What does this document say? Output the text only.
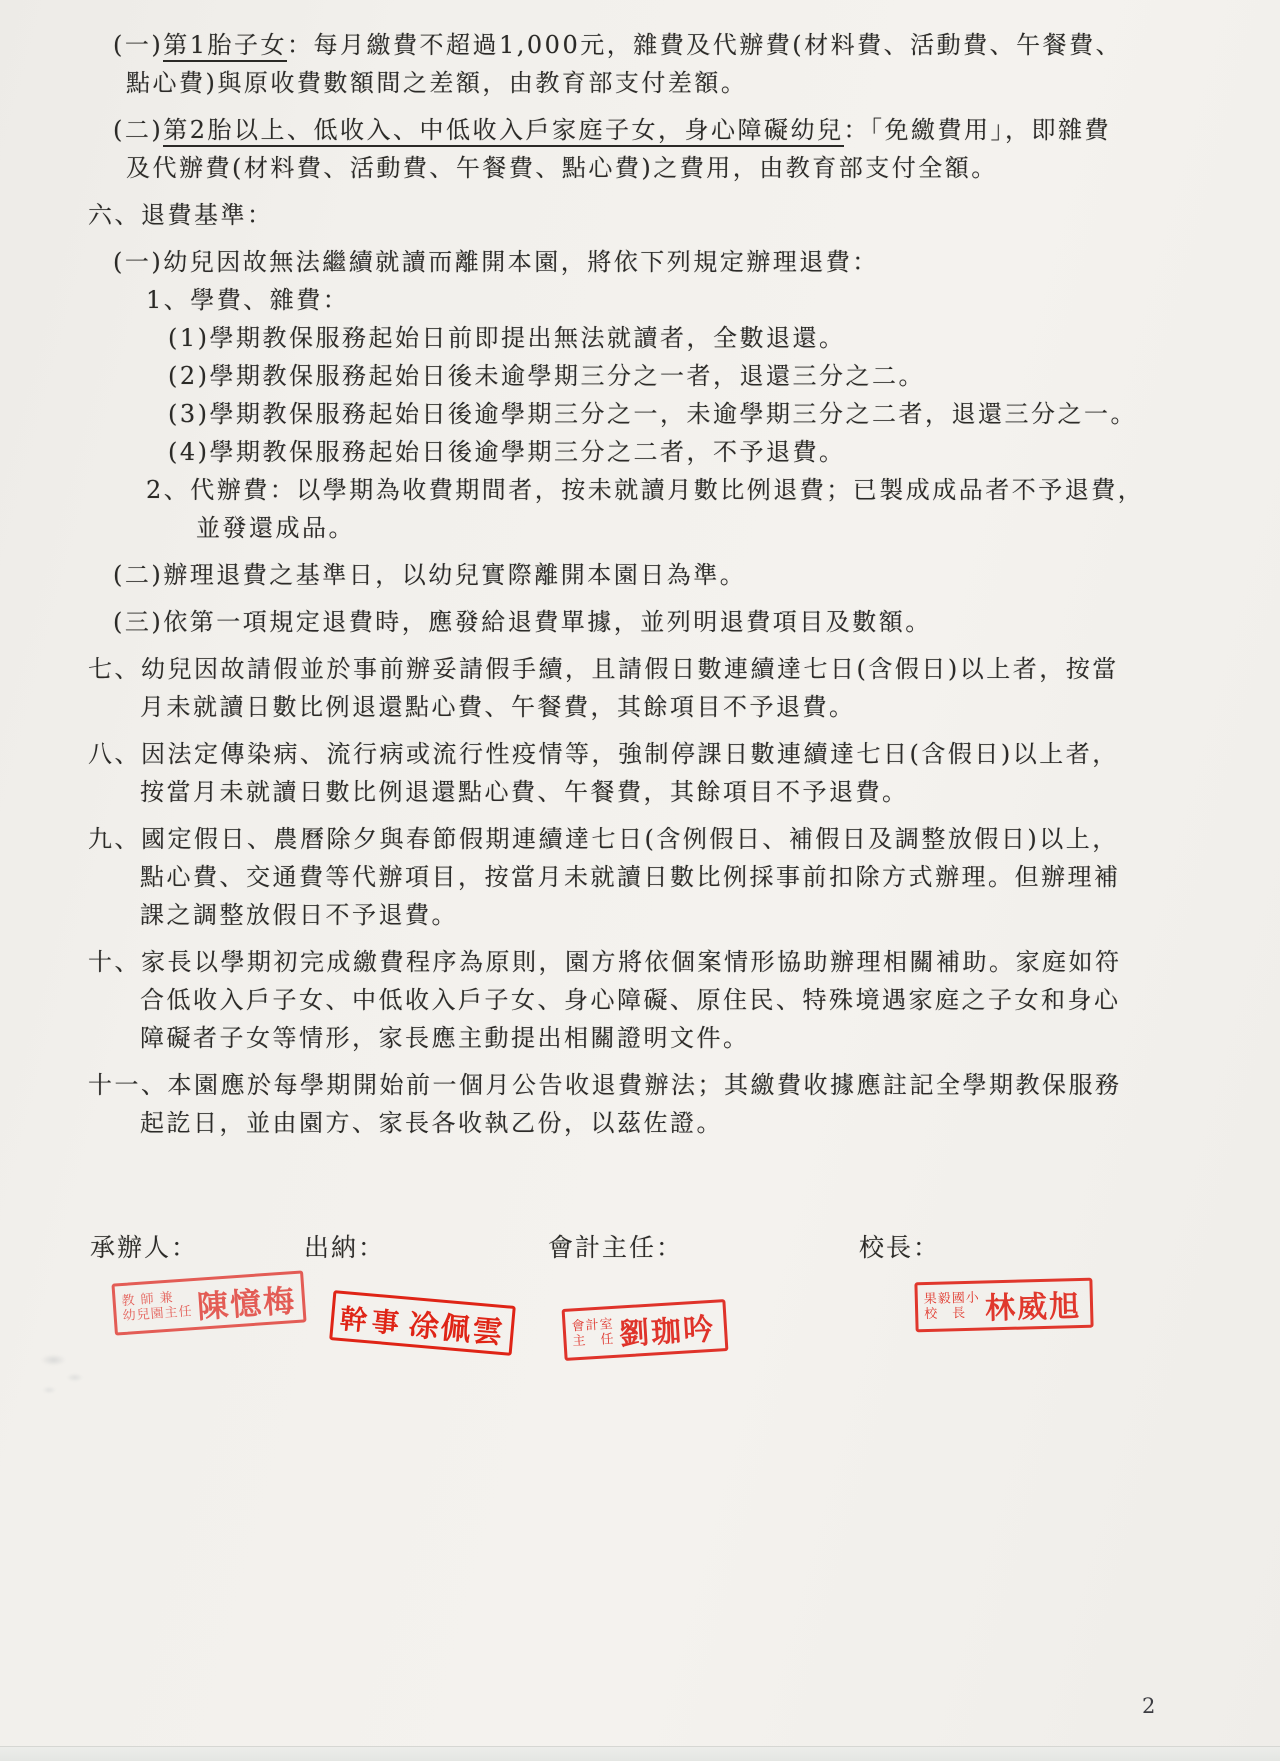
(一)第1胎子女：每月繳費不超過1,000元，雜費及代辦費(材料費、活動費、午餐費、
點心費)與原收費數額間之差額，由教育部支付差額。
(二)第2胎以上、低收入、中低收入戶家庭子女，身心障礙幼兒：「免繳費用」，即雜費
及代辦費(材料費、活動費、午餐費、點心費)之費用，由教育部支付全額。
六、退費基準：
(一)幼兒因故無法繼續就讀而離開本園，將依下列規定辦理退費：
1、學費、雜費：
(1)學期教保服務起始日前即提出無法就讀者，全數退還。
(2)學期教保服務起始日後未逾學期三分之一者，退還三分之二。
(3)學期教保服務起始日後逾學期三分之一，未逾學期三分之二者，退還三分之一。
(4)學期教保服務起始日後逾學期三分之二者，不予退費。
2、代辦費：以學期為收費期間者，按未就讀月數比例退費；已製成成品者不予退費，
並發還成品。
(二)辦理退費之基準日，以幼兒實際離開本園日為準。
(三)依第一項規定退費時，應發給退費單據，並列明退費項目及數額。
七、幼兒因故請假並於事前辦妥請假手續，且請假日數連續達七日(含假日)以上者，按當
月未就讀日數比例退還點心費、午餐費，其餘項目不予退費。
八、因法定傳染病、流行病或流行性疫情等，強制停課日數連續達七日(含假日)以上者，
按當月未就讀日數比例退還點心費、午餐費，其餘項目不予退費。
九、國定假日、農曆除夕與春節假期連續達七日(含例假日、補假日及調整放假日)以上，
點心費、交通費等代辦項目，按當月未就讀日數比例採事前扣除方式辦理。但辦理補
課之調整放假日不予退費。
十、家長以學期初完成繳費程序為原則，園方將依個案情形協助辦理相關補助。家庭如符
合低收入戶子女、中低收入戶子女、身心障礙、原住民、特殊境遇家庭之子女和身心
障礙者子女等情形，家長應主動提出相關證明文件。
十一、本園應於每學期開始前一個月公告收退費辦法；其繳費收據應註記全學期教保服務
起訖日，並由園方、家長各收執乙份，以茲佐證。
承辦人：	出納：	會計主任：	校長：
教師兼
幼兒園主任 陳憶梅 幹事 凃佩雲	會計室
主　任 劉珈吟
果毅國小
校　長 林威旭
2
